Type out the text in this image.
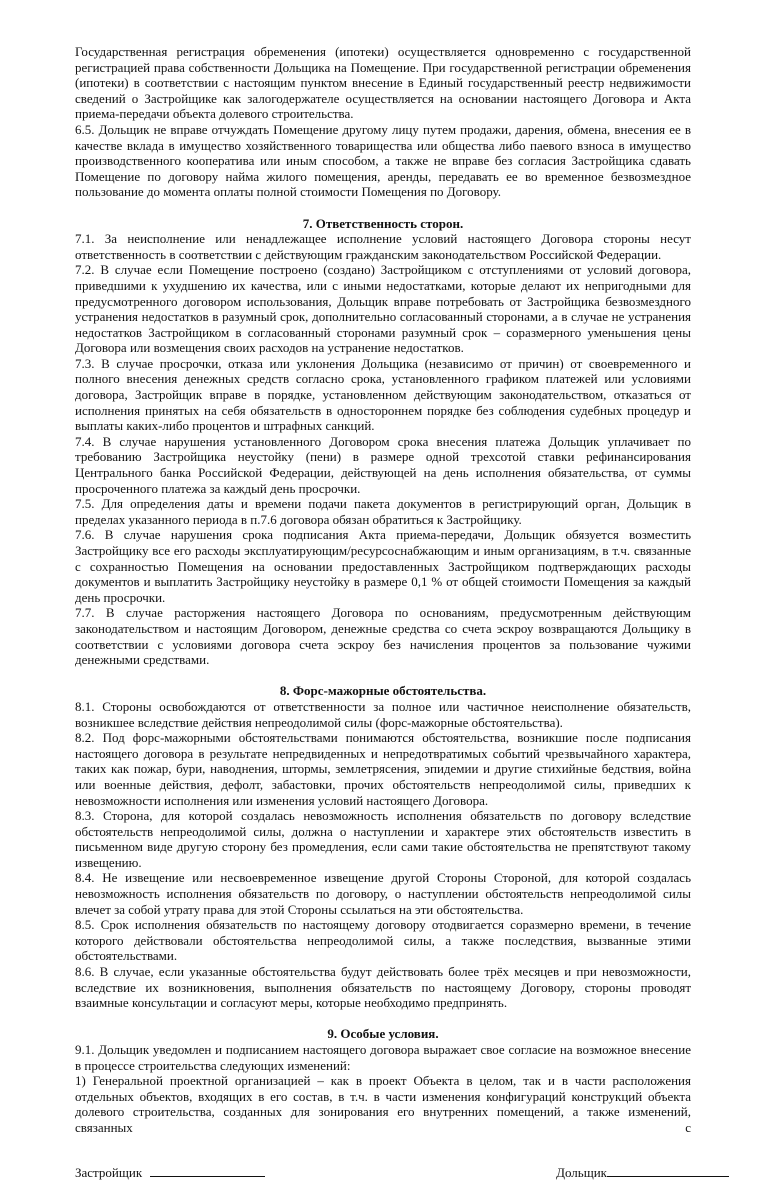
Государственная регистрация обременения (ипотеки) осуществляется одновременно с государственной регистрацией права собственности Дольщика на Помещение. При государственной регистрации обременения (ипотеки) в соответствии с настоящим пунктом внесение в Единый государственный реестр недвижимости сведений о Застройщике как залогодержателе осуществляется на основании настоящего Договора и Акта приема-передачи объекта долевого строительства.

6.5. Дольщик не вправе отчуждать Помещение другому лицу путем продажи, дарения, обмена, внесения ее в качестве вклада в имущество хозяйственного товарищества или общества либо паевого взноса в имущество производственного кооператива или иным способом, а также не вправе без согласия Застройщика сдавать Помещение по договору найма жилого помещения, аренды, передавать ее во временное безвозмездное пользование до момента оплаты полной стоимости Помещения по Договору.

7. Ответственность сторон.

7.1. За неисполнение или ненадлежащее исполнение условий настоящего Договора стороны несут ответственность в соответствии с действующим гражданским законодательством Российской Федерации.

7.2. В случае если Помещение построено (создано) Застройщиком с отступлениями от условий договора, приведшими к ухудшению их качества, или с иными недостатками, которые делают их непригодными для предусмотренного договором использования, Дольщик вправе потребовать от Застройщика безвозмездного устранения недостатков в разумный срок, дополнительно согласованный сторонами, а в случае не устранения недостатков Застройщиком в согласованный сторонами разумный срок – соразмерного уменьшения цены Договора или возмещения своих расходов на устранение недостатков.

7.3. В случае просрочки, отказа или уклонения Дольщика (независимо от причин) от своевременного и полного внесения денежных средств согласно срока, установленного графиком платежей или условиями договора, Застройщик вправе в порядке, установленном действующим законодательством, отказаться от исполнения принятых на себя обязательств в одностороннем порядке без соблюдения судебных процедур и выплаты каких-либо процентов и штрафных санкций.

7.4. В случае нарушения установленного Договором срока внесения платежа Дольщик уплачивает по требованию Застройщика неустойку (пени) в размере одной трехсотой ставки рефинансирования Центрального банка Российской Федерации, действующей на день исполнения обязательства, от суммы просроченного платежа за каждый день просрочки.

7.5. Для определения даты и времени подачи пакета документов в регистрирующий орган, Дольщик в пределах указанного периода в п.7.6 договора обязан обратиться к Застройщику.

7.6. В случае нарушения срока подписания Акта приема-передачи, Дольщик обязуется возместить Застройщику все его расходы эксплуатирующим/ресурсоснабжающим и иным организациям, в т.ч. связанные с сохранностью Помещения на основании предоставленных Застройщиком подтверждающих расходы документов и выплатить Застройщику неустойку в размере 0,1 % от общей стоимости Помещения за каждый день просрочки.

7.7. В случае расторжения настоящего Договора по основаниям, предусмотренным действующим законодательством и настоящим Договором, денежные средства со счета эскроу возвращаются Дольщику в соответствии с условиями договора счета эскроу без начисления процентов за пользование чужими денежными средствами.

8. Форс-мажорные обстоятельства.

8.1. Стороны освобождаются от ответственности за полное или частичное неисполнение обязательств, возникшее вследствие действия непреодолимой силы (форс-мажорные обстоятельства).

8.2. Под форс-мажорными обстоятельствами понимаются обстоятельства, возникшие после подписания настоящего договора в результате непредвиденных и непредотвратимых событий чрезвычайного характера, таких как пожар, бури, наводнения, штормы, землетрясения, эпидемии и другие стихийные бедствия, война или военные действия, дефолт, забастовки, прочих обстоятельств непреодолимой силы, приведших к невозможности исполнения или изменения условий настоящего Договора.

8.3. Сторона, для которой создалась невозможность исполнения обязательств по договору вследствие обстоятельств непреодолимой силы, должна о наступлении и характере этих обстоятельств известить в письменном виде другую сторону без промедления, если сами такие обстоятельства не препятствуют такому извещению.

8.4. Не извещение или несвоевременное извещение другой Стороны Стороной, для которой создалась невозможность исполнения обязательств по договору, о наступлении обстоятельств непреодолимой силы влечет за собой утрату права для этой Стороны ссылаться на эти обстоятельства.

8.5. Срок исполнения обязательств по настоящему договору отодвигается соразмерно времени, в течение которого действовали обстоятельства непреодолимой силы, а также последствия, вызванные этими обстоятельствами.

8.6. В случае, если указанные обстоятельства будут действовать более трёх месяцев и при невозможности, вследствие их возникновения, выполнения обязательств по настоящему Договору, стороны проводят взаимные консультации и согласуют меры, которые необходимо предпринять.

9. Особые условия.

9.1. Дольщик уведомлен и подписанием настоящего договора выражает свое согласие на возможное внесение в процессе строительства следующих изменений:

1) Генеральной проектной организацией – как в проект Объекта в целом, так и в части расположения отдельных объектов, входящих в его состав, в т.ч. в части изменения конфигураций конструкций объекта долевого строительства, созданных для зонирования его внутренних помещений, а также изменений, связанных с

Застройщик	Дольщик
